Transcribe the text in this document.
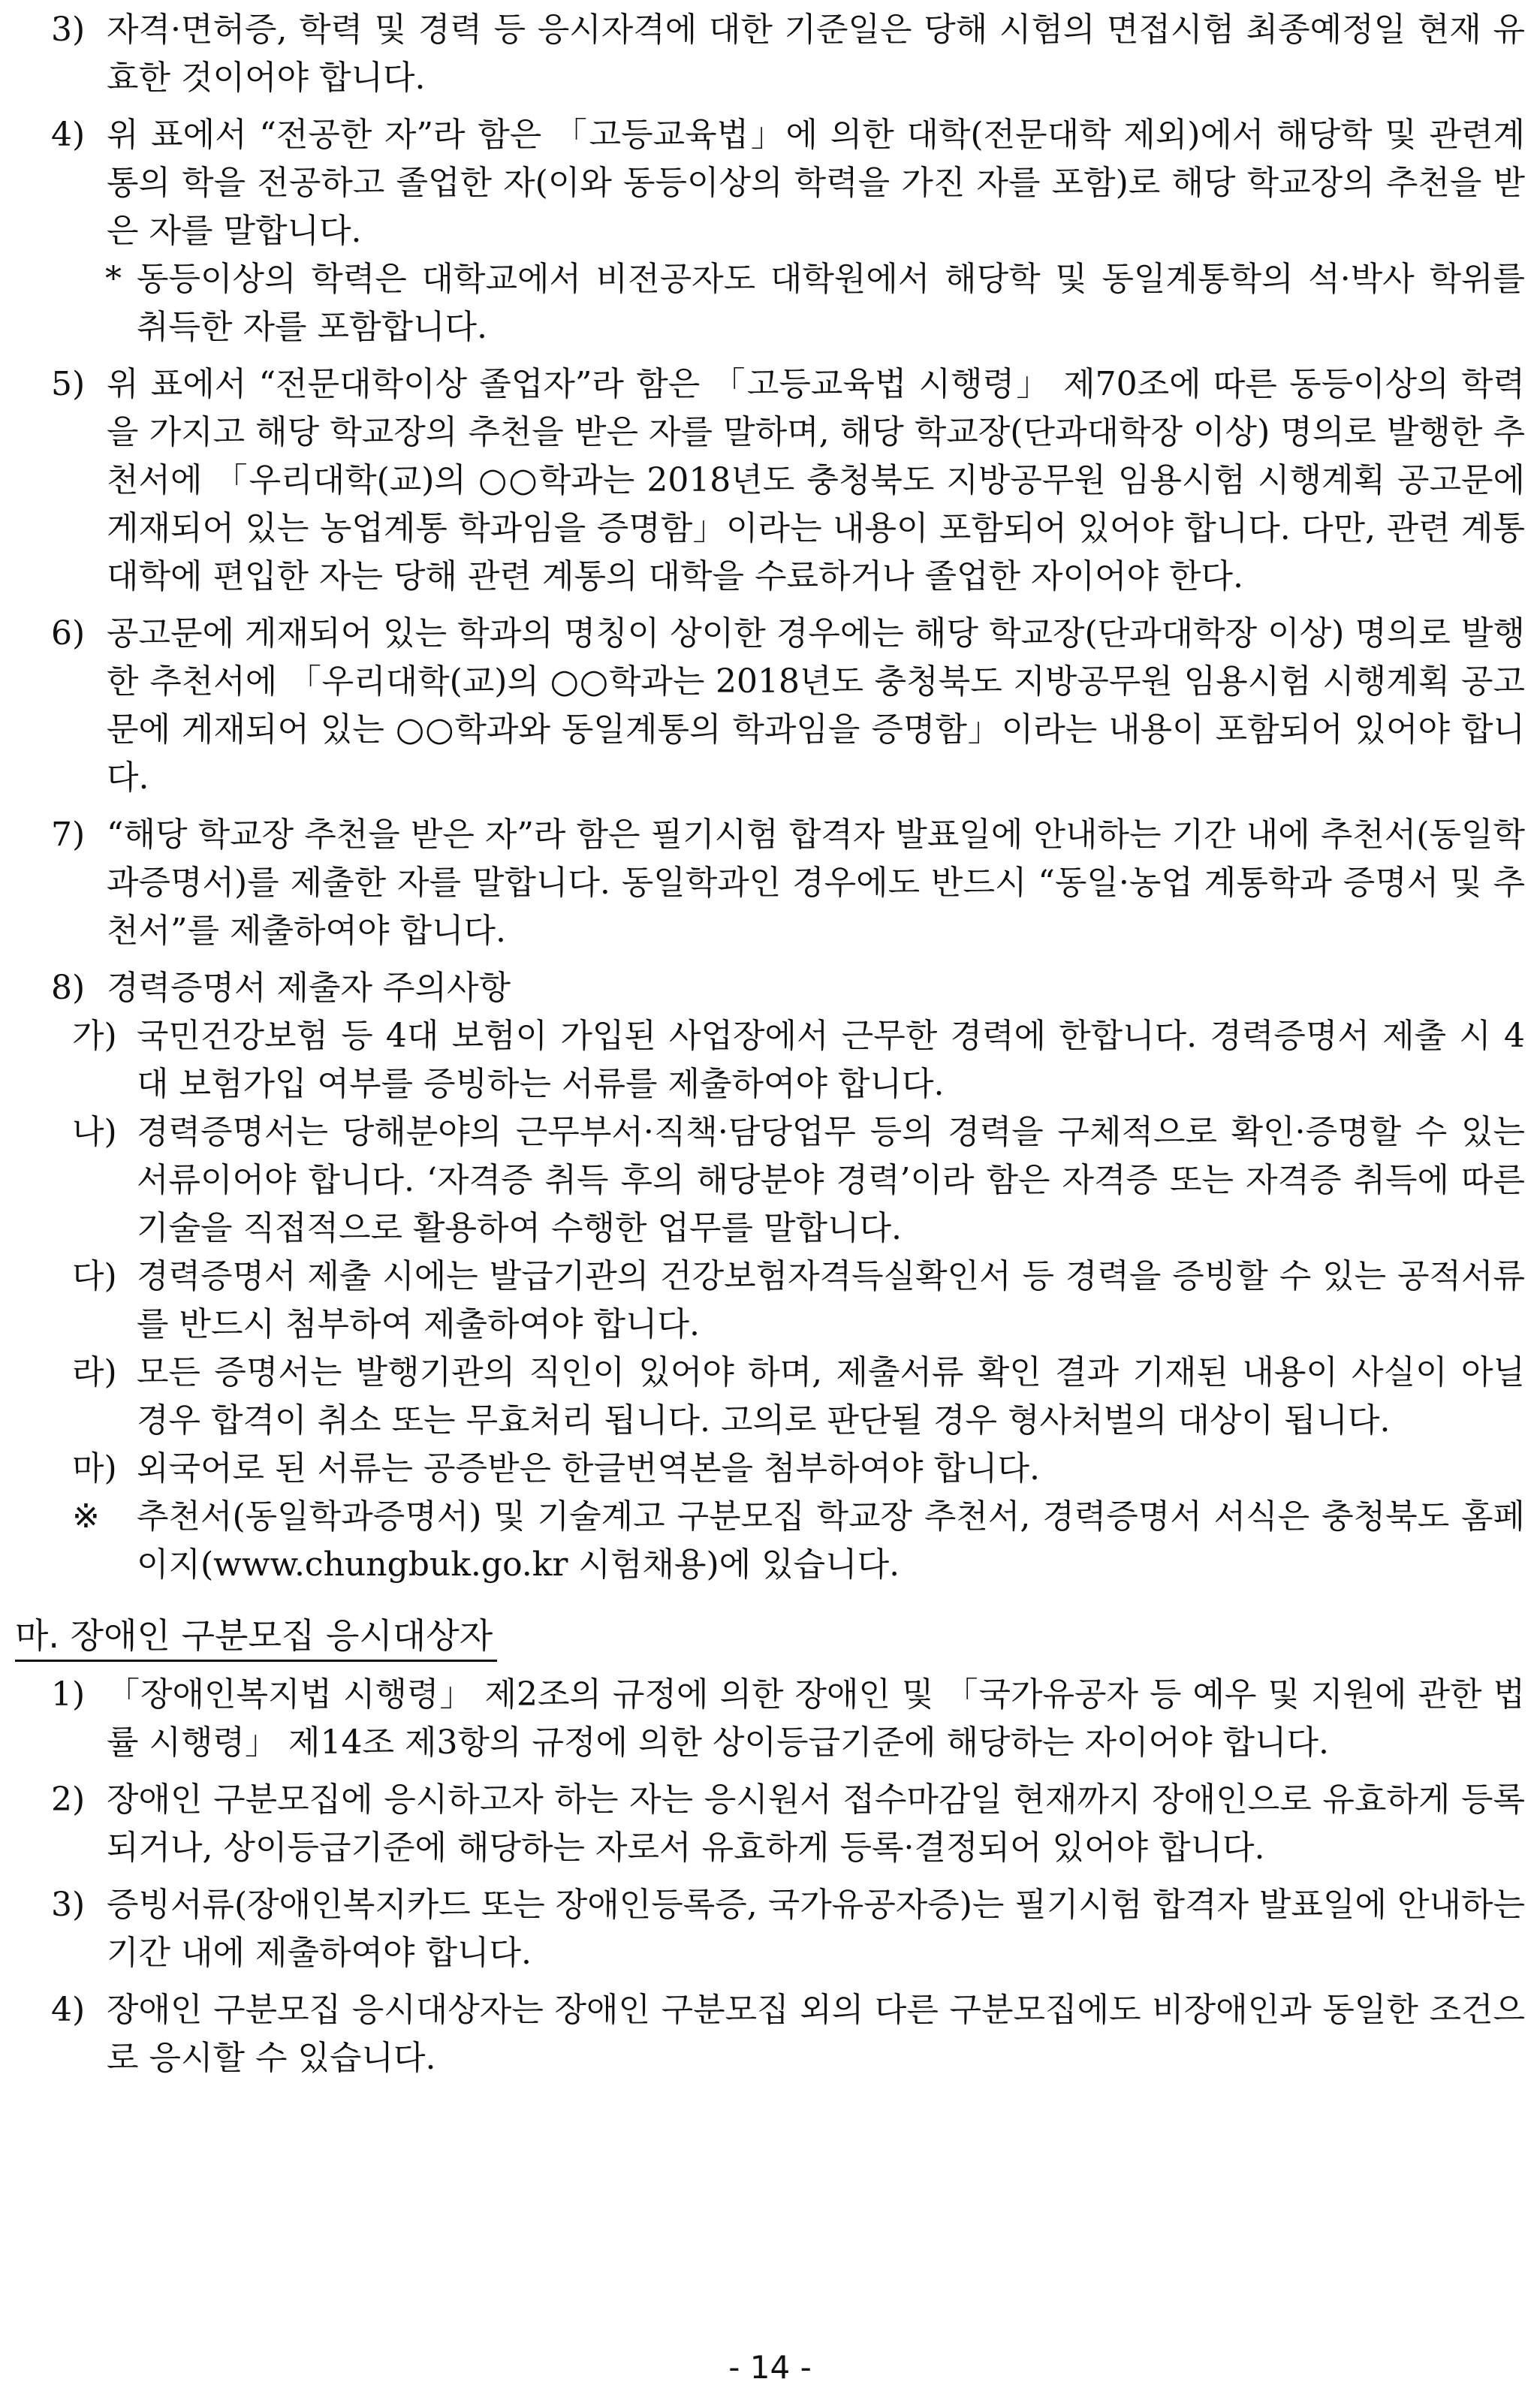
3) 자격·면허증, 학력 및 경력 등 응시자격에 대한 기준일은 당해 시험의 면접시험 최종예정일 현재 유효한 것이어야 합니다.
4) 위 표에서 “전공한 자”라 함은 「고등교육법」에 의한 대학(전문대학 제외)에서 해당학 및 관련계통의 학을 전공하고 졸업한 자(이와 동등이상의 학력을 가진 자를 포함)로 해당 학교장의 추천을 받은 자를 말합니다.
* 동등이상의 학력은 대학교에서 비전공자도 대학원에서 해당학 및 동일계통학의 석·박사 학위를 취득한 자를 포함합니다.
5) 위 표에서 “전문대학이상 졸업자”라 함은 「고등교육법 시행령」 제70조에 따른 동등이상의 학력을 가지고 해당 학교장의 추천을 받은 자를 말하며, 해당 학교장(단과대학장 이상) 명의로 발행한 추천서에 「우리대학(교)의 ○○학과는 2018년도 충청북도 지방공무원 임용시험 시행계획 공고문에 게재되어 있는 농업계통 학과임을 증명함」이라는 내용이 포함되어 있어야 합니다. 다만, 관련 계통 대학에 편입한 자는 당해 관련 계통의 대학을 수료하거나 졸업한 자이어야 한다.
6) 공고문에 게재되어 있는 학과의 명칭이 상이한 경우에는 해당 학교장(단과대학장 이상) 명의로 발행한 추천서에 「우리대학(교)의 ○○학과는 2018년도 충청북도 지방공무원 임용시험 시행계획 공고문에 게재되어 있는 ○○학과와 동일계통의 학과임을 증명함」이라는 내용이 포함되어 있어야 합니다.
7) “해당 학교장 추천을 받은 자”라 함은 필기시험 합격자 발표일에 안내하는 기간 내에 추천서(동일학과증명서)를 제출한 자를 말합니다. 동일학과인 경우에도 반드시 “동일·농업 계통학과 증명서 및 추천서”를 제출하여야 합니다.
8) 경력증명서 제출자 주의사항
가) 국민건강보험 등 4대 보험이 가입된 사업장에서 근무한 경력에 한합니다. 경력증명서 제출 시 4대 보험가입 여부를 증빙하는 서류를 제출하여야 합니다.
나) 경력증명서는 당해분야의 근무부서·직책·담당업무 등의 경력을 구체적으로 확인·증명할 수 있는 서류이어야 합니다. ‘자격증 취득 후의 해당분야 경력’이라 함은 자격증 또는 자격증 취득에 따른 기술을 직접적으로 활용하여 수행한 업무를 말합니다.
다) 경력증명서 제출 시에는 발급기관의 건강보험자격득실확인서 등 경력을 증빙할 수 있는 공적서류를 반드시 첨부하여 제출하여야 합니다.
라) 모든 증명서는 발행기관의 직인이 있어야 하며, 제출서류 확인 결과 기재된 내용이 사실이 아닐 경우 합격이 취소 또는 무효처리 됩니다. 고의로 판단될 경우 형사처벌의 대상이 됩니다.
마) 외국어로 된 서류는 공증받은 한글번역본을 첨부하여야 합니다.
※	추천서(동일학과증명서) 및 기술계고 구분모집 학교장 추천서, 경력증명서 서식은 충청북도 홈페이지(www.chungbuk.go.kr 시험채용)에 있습니다.
마. 장애인 구분모집 응시대상자
1) 「장애인복지법 시행령」 제2조의 규정에 의한 장애인 및 「국가유공자 등 예우 및 지원에 관한 법률 시행령」 제14조 제3항의 규정에 의한 상이등급기준에 해당하는 자이어야 합니다.
2) 장애인 구분모집에 응시하고자 하는 자는 응시원서 접수마감일 현재까지 장애인으로 유효하게 등록되거나, 상이등급기준에 해당하는 자로서 유효하게 등록·결정되어 있어야 합니다.
3) 증빙서류(장애인복지카드 또는 장애인등록증, 국가유공자증)는 필기시험 합격자 발표일에 안내하는 기간 내에 제출하여야 합니다.
4) 장애인 구분모집 응시대상자는 장애인 구분모집 외의 다른 구분모집에도 비장애인과 동일한 조건으로 응시할 수 있습니다.
- 14 -
